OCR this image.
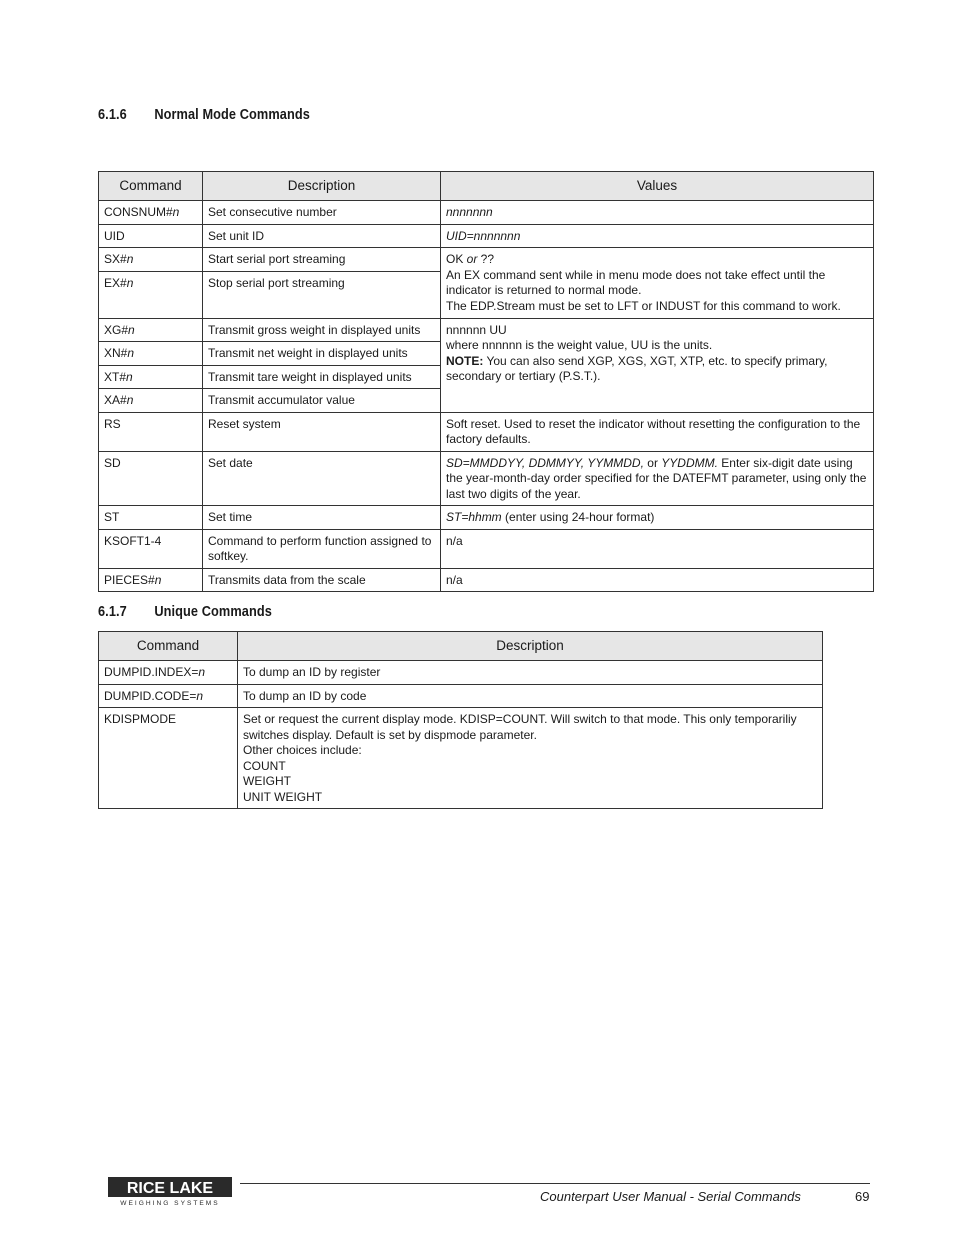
6.1.6 Normal Mode Commands
Command	Description	Values
CONSNUM#n	Set consecutive number	nnnnnnn
UID	Set unit ID	UID=nnnnnnn
SX#n	Start serial port streaming	OK or ??
An EX command sent while in menu mode does not take effect until the indicator is returned to normal mode.
The EDP.Stream must be set to LFT or INDUST for this command to work.

EX#n	Stop serial port streaming	
XG#n	Transmit gross weight in displayed units	nnnnnn UU
where nnnnnn is the weight value, UU is the units.
NOTE: You can also send XGP, XGS, XGT, XTP, etc. to specify primary, secondary or tertiary (P.S.T.).

XN#n	Transmit net weight in displayed units	
XT#n	Transmit tare weight in displayed units	
XA#n	Transmit accumulator value	
RS	Reset system	Soft reset. Used to reset the indicator without resetting the configuration to the factory defaults.
SD	Set date	SD=MMDDYY, DDMMYY, YYMMDD, or YYDDMM. Enter six-digit date using the year-month-day order specified for the DATEFMT parameter, using only the last two digits of the year.
ST	Set time	ST=hhmm (enter using 24-hour format)
KSOFT1-4	Command to perform function assigned to softkey.	n/a
PIECES#n	Transmits data from the scale	n/a
6.1.7 Unique Commands
Command	Description
DUMPID.INDEX=n	To dump an ID by register
DUMPID.CODE=n	To dump an ID by code
KDISPMODE	Set or request the current display mode. KDISP=COUNT. Will switch to that mode. This only temporariliy switches display. Default is set by dispmode parameter.
Other choices include:
COUNT
WEIGHT
UNIT WEIGHT
RICE LAKE
WEIGHING SYSTEMS	Counterpart User Manual - Serial Commands	69
